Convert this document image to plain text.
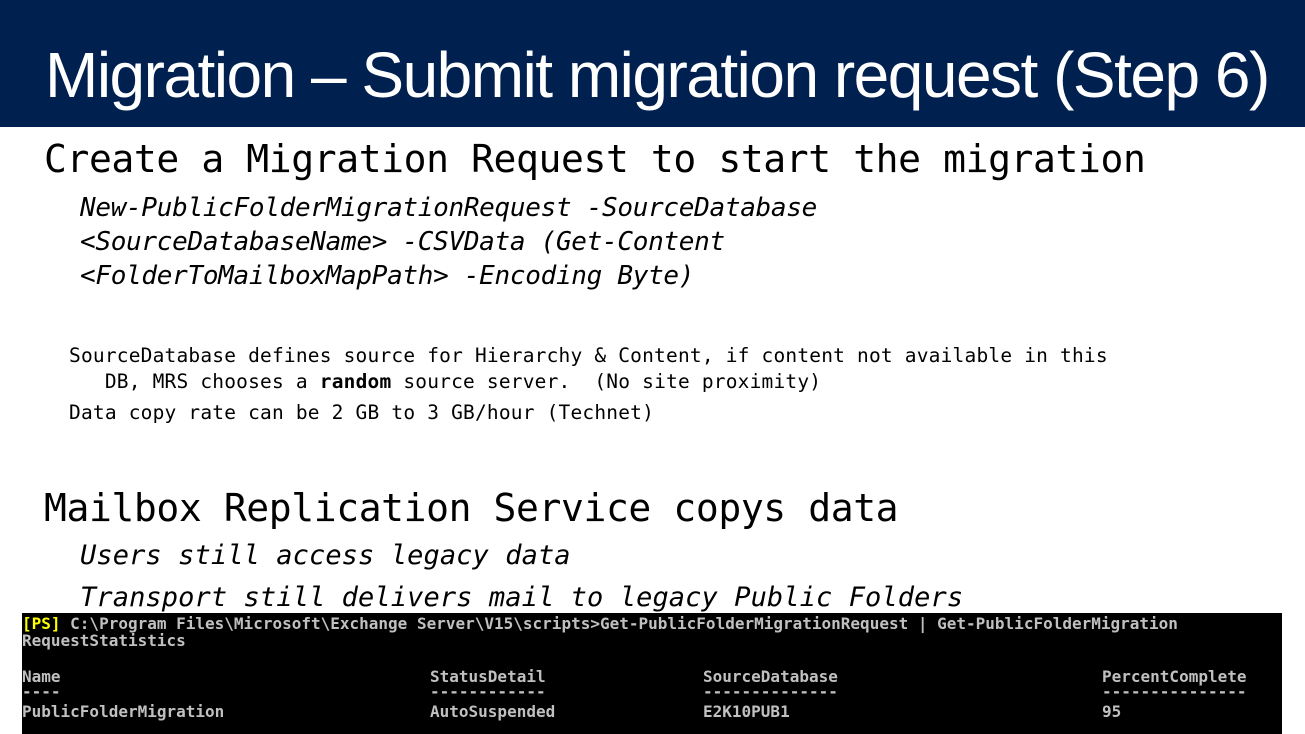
Migration – Submit migration request (Step 6)

Create a Migration Request to start the migration

New-PublicFolderMigrationRequest -SourceDatabase
<SourceDatabaseName> -CSVData (Get-Content
<FolderToMailboxMapPath> -Encoding Byte)
SourceDatabase defines source for Hierarchy & Content, if content not available in this
DB, MRS chooses a random source server.  (No site proximity)

Data copy rate can be 2 GB to 3 GB/hour (Technet)

Mailbox Replication Service copys data

Users still access legacy data

Transport still delivers mail to legacy Public Folders

[PS] C:\Program Files\Microsoft\Exchange Server\V15\scripts>Get-PublicFolderMigrationRequest | Get-PublicFolderMigration
RequestStatistics
Name	StatusDetail	SourceDatabase	PercentComplete
----	------------	--------------	---------------
PublicFolderMigration	AutoSuspended	E2K10PUB1	95
